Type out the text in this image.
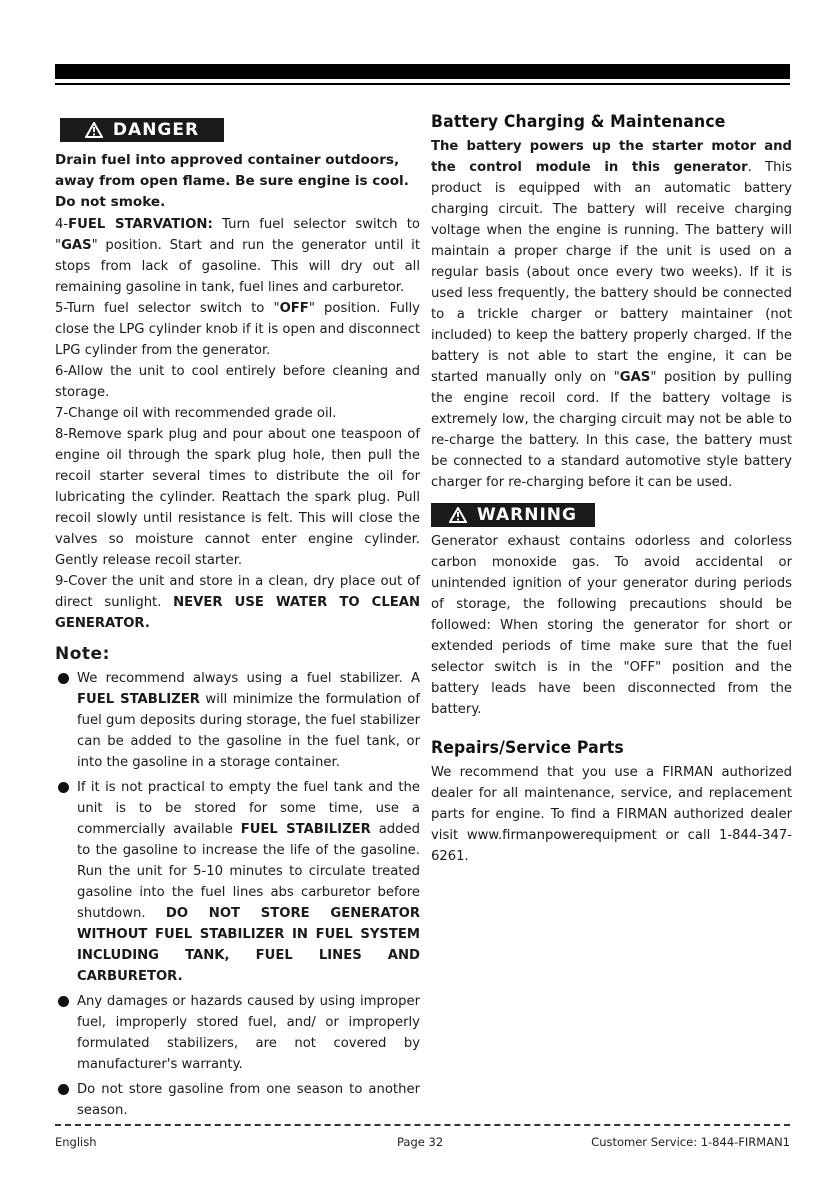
DANGER

Drain fuel into approved container outdoors, away from open flame. Be sure engine is cool. Do not smoke.

4-FUEL STARVATION: Turn fuel selector switch to "GAS" position. Start and run the generator until it stops from lack of gasoline. This will dry out all remaining gasoline in tank, fuel lines and carburetor.

5-Turn fuel selector switch to "OFF" position. Fully close the LPG cylinder knob if it is open and disconnect LPG cylinder from the generator.

6-Allow the unit to cool entirely before cleaning and storage.

7-Change oil with recommended grade oil.

8-Remove spark plug and pour about one teaspoon of engine oil through the spark plug hole, then pull the recoil starter several times to distribute the oil for lubricating the cylinder. Reattach the spark plug. Pull recoil slowly until resistance is felt. This will close the valves so moisture cannot enter engine cylinder. Gently release recoil starter.

9-Cover the unit and store in a clean, dry place out of direct sunlight. NEVER USE WATER TO CLEAN GENERATOR.

Note:
We recommend always using a fuel stabilizer. A FUEL STABLIZER will minimize the formulation of fuel gum deposits during storage, the fuel stabilizer can be added to the gasoline in the fuel tank, or into the gasoline in a storage container.
If it is not practical to empty the fuel tank and the unit is to be stored for some time, use a commercially available FUEL STABILIZER added to the gasoline to increase the life of the gasoline. Run the unit for 5-10 minutes to circulate treated gasoline into the fuel lines abs carburetor before shutdown. DO NOT STORE GENERATOR WITHOUT FUEL STABILIZER IN FUEL SYSTEM INCLUDING TANK, FUEL LINES AND CARBURETOR.
Any damages or hazards caused by using improper fuel, improperly stored fuel, and/ or improperly formulated stabilizers, are not covered by manufacturer's warranty.
Do not store gasoline from one season to another season.
Battery Charging & Maintenance

The battery powers up the starter motor and the control module in this generator. This product is equipped with an automatic battery charging circuit. The battery will receive charging voltage when the engine is running. The battery will maintain a proper charge if the unit is used on a regular basis (about once every two weeks). If it is used less frequently, the battery should be connected to a trickle charger or battery maintainer (not included) to keep the battery properly charged. If the battery is not able to start the engine, it can be started manually only on "GAS" position by pulling the engine recoil cord. If the battery voltage is extremely low, the charging circuit may not be able to re-charge the battery. In this case, the battery must be connected to a standard automotive style battery charger for re-charging before it can be used.

WARNING

Generator exhaust contains odorless and colorless carbon monoxide gas. To avoid accidental or unintended ignition of your generator during periods of storage, the following precautions should be followed: When storing the generator for short or extended periods of time make sure that the fuel selector switch is in the "OFF" position and the battery leads have been disconnected from the battery.

Repairs/Service Parts

We recommend that you use a FIRMAN authorized dealer for all maintenance, service, and replacement parts for engine. To find a FIRMAN authorized dealer visit www.firmanpowerequipment or call 1-844-347-6261.

English	Page 32	Customer Service: 1-844-FIRMAN1
